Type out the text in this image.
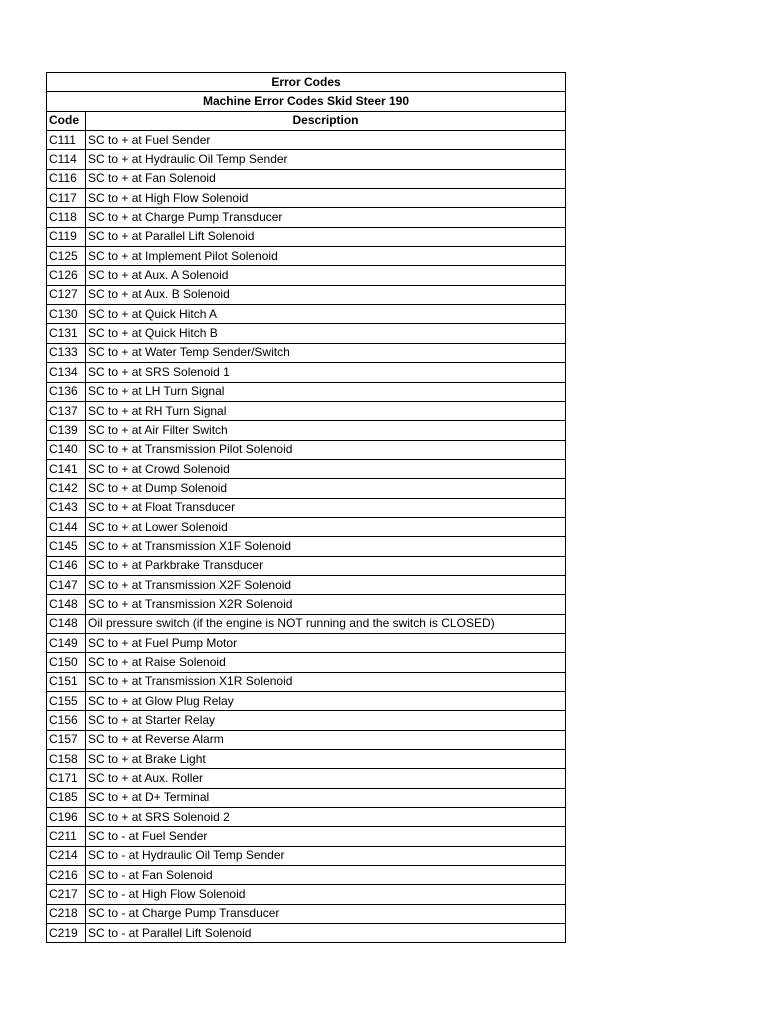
Error Codes	
Machine Error Codes Skid Steer 190	
Code	Description
C111	SC to + at Fuel Sender
C114	SC to + at Hydraulic Oil Temp Sender
C116	SC to + at Fan Solenoid
C117	SC to + at High Flow Solenoid
C118	SC to + at Charge Pump Transducer
C119	SC to + at Parallel Lift Solenoid
C125	SC to + at Implement Pilot Solenoid
C126	SC to + at Aux. A Solenoid
C127	SC to + at Aux. B Solenoid
C130	SC to + at Quick Hitch A
C131	SC to + at Quick Hitch B
C133	SC to + at Water Temp Sender/Switch
C134	SC to + at SRS Solenoid 1
C136	SC to + at LH Turn Signal
C137	SC to + at RH Turn Signal
C139	SC to + at Air Filter Switch
C140	SC to + at Transmission Pilot Solenoid
C141	SC to + at Crowd Solenoid
C142	SC to + at Dump Solenoid
C143	SC to + at Float Transducer
C144	SC to + at Lower Solenoid
C145	SC to + at Transmission X1F Solenoid
C146	SC to + at Parkbrake Transducer
C147	SC to + at Transmission X2F Solenoid
C148	SC to + at Transmission X2R Solenoid
C148	Oil pressure switch (if the engine is NOT running and the switch is CLOSED)
C149	SC to + at Fuel Pump Motor
C150	SC to + at Raise Solenoid
C151	SC to + at Transmission X1R Solenoid
C155	SC to + at Glow Plug Relay
C156	SC to + at Starter Relay
C157	SC to + at Reverse Alarm
C158	SC to + at Brake Light
C171	SC to + at Aux. Roller
C185	SC to + at D+ Terminal
C196	SC to + at SRS Solenoid 2
C211	SC to - at Fuel Sender
C214	SC to - at Hydraulic Oil Temp Sender
C216	SC to - at Fan Solenoid
C217	SC to - at High Flow Solenoid
C218	SC to - at Charge Pump Transducer
C219	SC to - at Parallel Lift Solenoid
